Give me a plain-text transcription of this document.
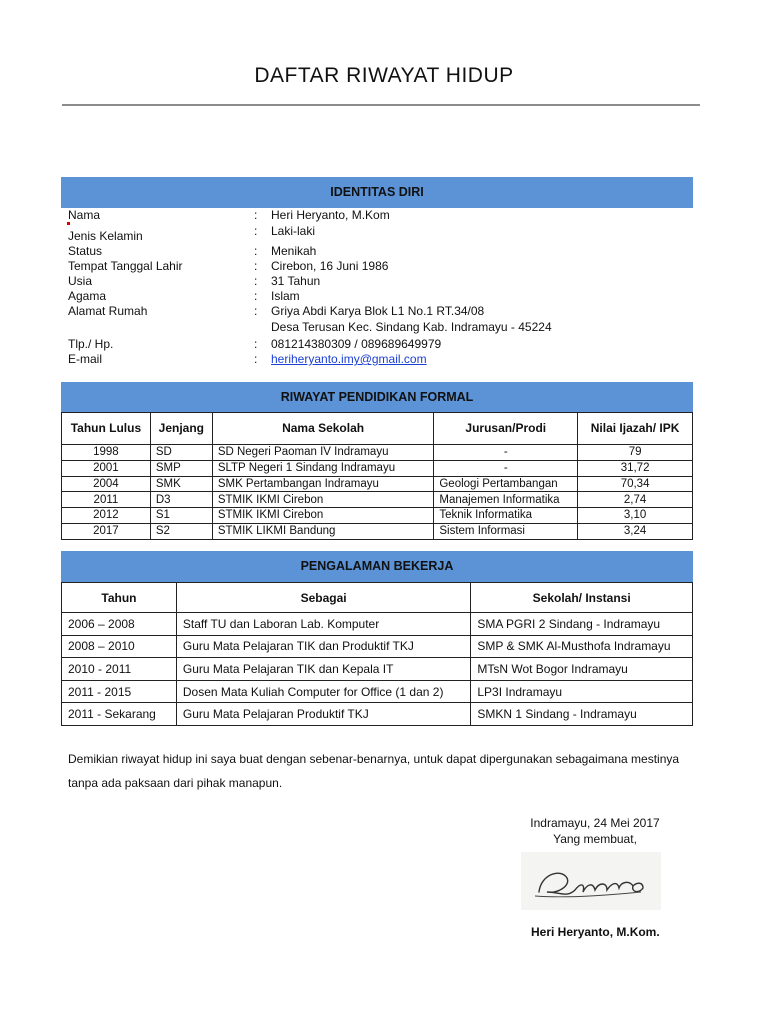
DAFTAR RIWAYAT HIDUP
IDENTITAS DIRI
Nama	: Heri Heryanto, M.Kom
Jenis Kelamin	: Laki-laki
Status	: Menikah
Tempat Tanggal Lahir	: Cirebon, 16 Juni 1986
Usia	: 31 Tahun
Agama	: Islam
Alamat Rumah	: Griya Abdi Karya Blok L1 No.1 RT.34/08
Desa Terusan Kec. Sindang Kab. Indramayu - 45224
Tlp./ Hp.	: 081214380309 / 089689649979
E-mail	: heriheryanto.imy@gmail.com
RIWAYAT PENDIDIKAN FORMAL
Tahun Lulus	Jenjang	Nama Sekolah	Jurusan/Prodi	Nilai Ijazah/ IPK
1998	SD	SD Negeri Paoman IV Indramayu	-	79
2001	SMP	SLTP Negeri 1 Sindang Indramayu	-	31,72
2004	SMK	SMK Pertambangan Indramayu	Geologi Pertambangan	70,34
2011	D3	STMIK IKMI Cirebon	Manajemen Informatika	2,74
2012	S1	STMIK IKMI Cirebon	Teknik Informatika	3,10
2017	S2	STMIK LIKMI Bandung	Sistem Informasi	3,24
PENGALAMAN BEKERJA
Tahun	Sebagai	Sekolah/ Instansi
2006 – 2008	Staff TU dan Laboran Lab. Komputer	SMA PGRI 2 Sindang - Indramayu
2008 – 2010	Guru Mata Pelajaran TIK dan Produktif TKJ	SMP & SMK Al-Musthofa Indramayu
2010 - 2011	Guru Mata Pelajaran TIK dan Kepala IT	MTsN Wot Bogor Indramayu
2011 - 2015	Dosen Mata Kuliah Computer for Office (1 dan 2)	LP3I Indramayu
2011 - Sekarang	Guru Mata Pelajaran Produktif TKJ	SMKN 1 Sindang - Indramayu
Demikian riwayat hidup ini saya buat dengan sebenar-benarnya, untuk dapat dipergunakan sebagaimana mestinya
tanpa ada paksaan dari pihak manapun.
Indramayu, 24 Mei 2017
Yang membuat,
Heri Heryanto, M.Kom.
